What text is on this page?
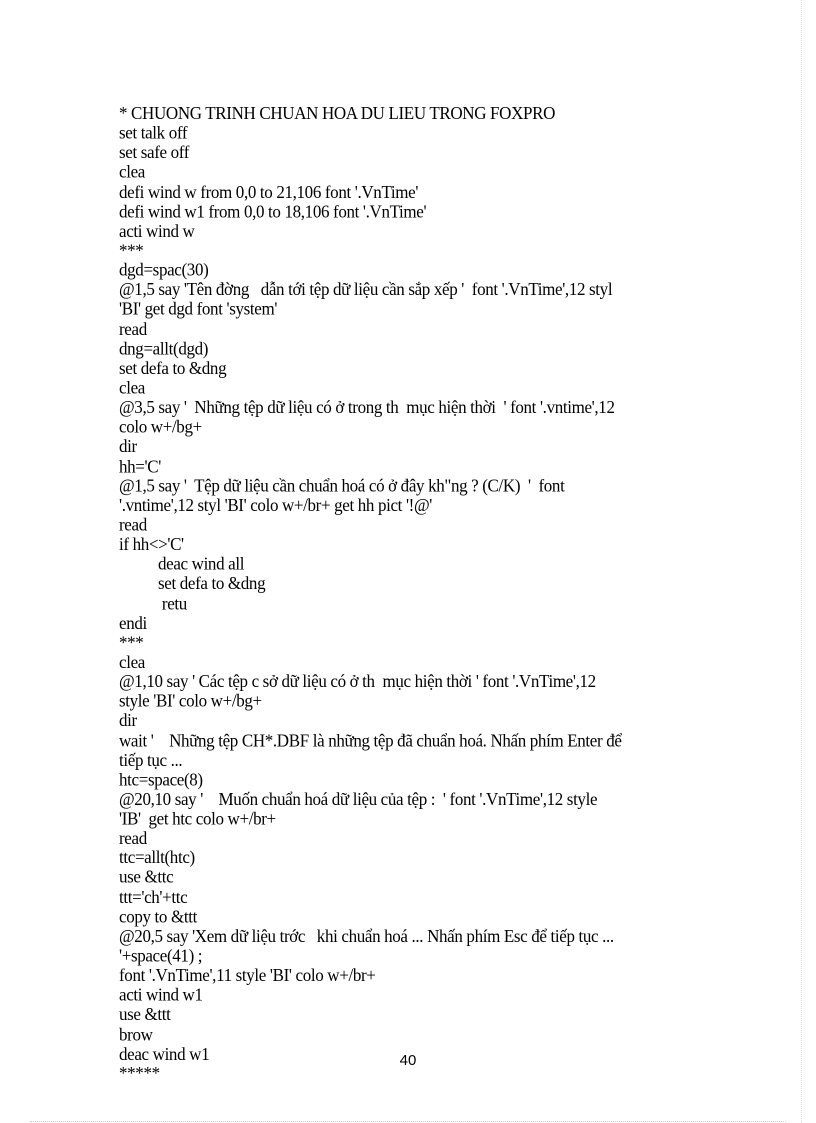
* CHUONG TRINH CHUAN HOA DU LIEU TRONG FOXPRO
set talk off
set safe off
clea
defi wind w from 0,0 to 21,106 font '.VnTime'
defi wind w1 from 0,0 to 18,106 font '.VnTime'
acti wind w
***
dgd=spac(30)
@1,5 say 'Tên đờng   dẫn tới tệp dữ liệu cần sắp xếp '  font '.VnTime',12 styl
'BI' get dgd font 'system'
read
dng=allt(dgd)
set defa to &dng
clea
@3,5 say '  Những tệp dữ liệu có ở trong th  mục hiện thời  ' font '.vntime',12
colo w+/bg+
dir
hh='C'
@1,5 say '  Tệp dữ liệu cần chuẩn hoá có ở đây kh"ng ? (C/K)  '  font
'.vntime',12 styl 'BI' colo w+/br+ get hh pict '!@'
read
if hh<>'C'
deac wind all
set defa to &dng
retu
endi
***
clea
@1,10 say ' Các tệp c sở dữ liệu có ở th  mục hiện thời ' font '.VnTime',12
style 'BI' colo w+/bg+
dir
wait '    Những tệp CH*.DBF là những tệp đã chuẩn hoá. Nhấn phím Enter để
tiếp tục ...
htc=space(8)
@20,10 say '    Muốn chuẩn hoá dữ liệu của tệp :  ' font '.VnTime',12 style
'IB'  get htc colo w+/br+
read
ttc=allt(htc)
use &ttc
ttt='ch'+ttc
copy to &ttt
@20,5 say 'Xem dữ liệu trớc   khi chuẩn hoá ... Nhấn phím Esc để tiếp tục ...
'+space(41) ;
font '.VnTime',11 style 'BI' colo w+/br+
acti wind w1
use &ttt
brow
deac wind w1
*****
40
